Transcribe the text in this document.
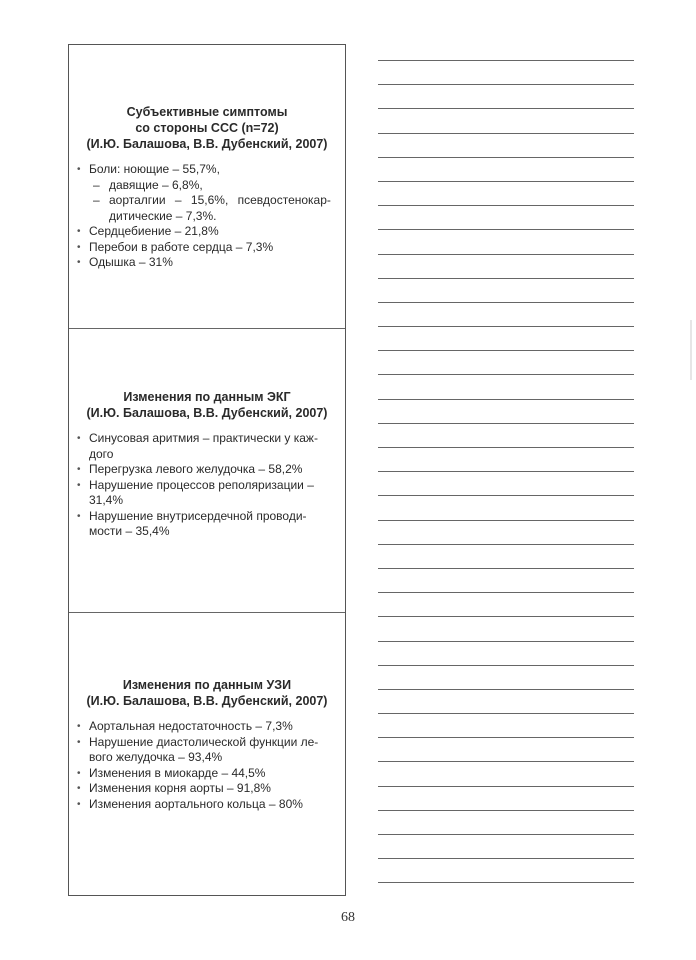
Субъективные симптомы
со стороны ССС (n=72)
(И.Ю. Балашова, В.В. Дубенский, 2007)
• Боли: ноющие – 55,7%,
– давящие – 6,8%,
– аорталгии – 15,6%, псевдостенокар-
дитические – 7,3%.
• Сердцебиение – 21,8%
• Перебои в работе сердца – 7,3%
• Одышка – 31%
Изменения по данным ЭКГ
(И.Ю. Балашова, В.В. Дубенский, 2007)
• Синусовая аритмия – практически у каж-
дого
• Перегрузка левого желудочка – 58,2%
• Нарушение процессов реполяризации –
31,4%
• Нарушение внутрисердечной проводи-
мости – 35,4%
Изменения по данным УЗИ
(И.Ю. Балашова, В.В. Дубенский, 2007)
• Аортальная недостаточность – 7,3%
• Нарушение диастолической функции ле-
вого желудочка – 93,4%
• Изменения в миокарде – 44,5%
• Изменения корня аорты – 91,8%
• Изменения аортального кольца – 80%
68
